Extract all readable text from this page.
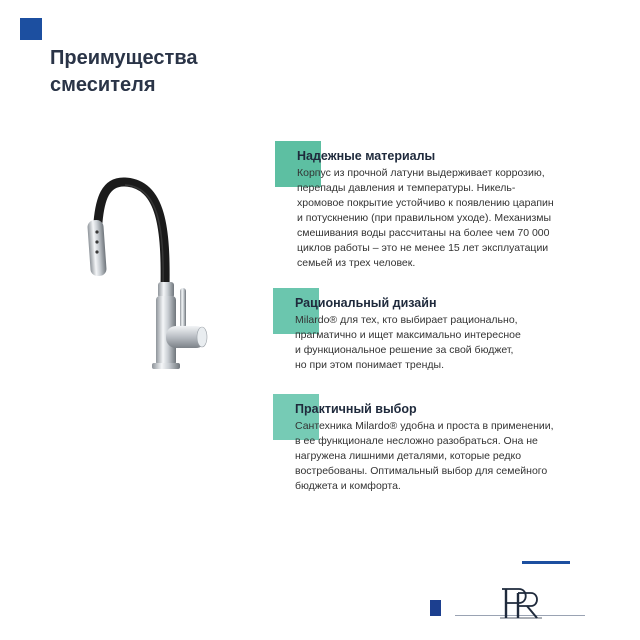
Преимущества
смесителя
Надежные материалы
Корпус из прочной латуни выдерживает коррозию,
перепады давления и температуры. Никель-
хромовое покрытие устойчиво к появлению царапин
и потускнению (при правильном уходе). Механизмы
смешивания воды рассчитаны на более чем 70 000
циклов работы – это не менее 15 лет эксплуатации
семьей из трех человек.
Рациональный дизайн
Milardo® для тех, кто выбирает рационально,
прагматично и ищет максимально интересное
и функциональное решение за свой бюджет,
но при этом понимает тренды.
Практичный выбор
Сантехника Milardo® удобна и проста в применении,
в ее функционале несложно разобраться. Она не
нагружена лишними деталями, которые редко
востребованы. Оптимальный выбор для семейного
бюджета и комфорта.
